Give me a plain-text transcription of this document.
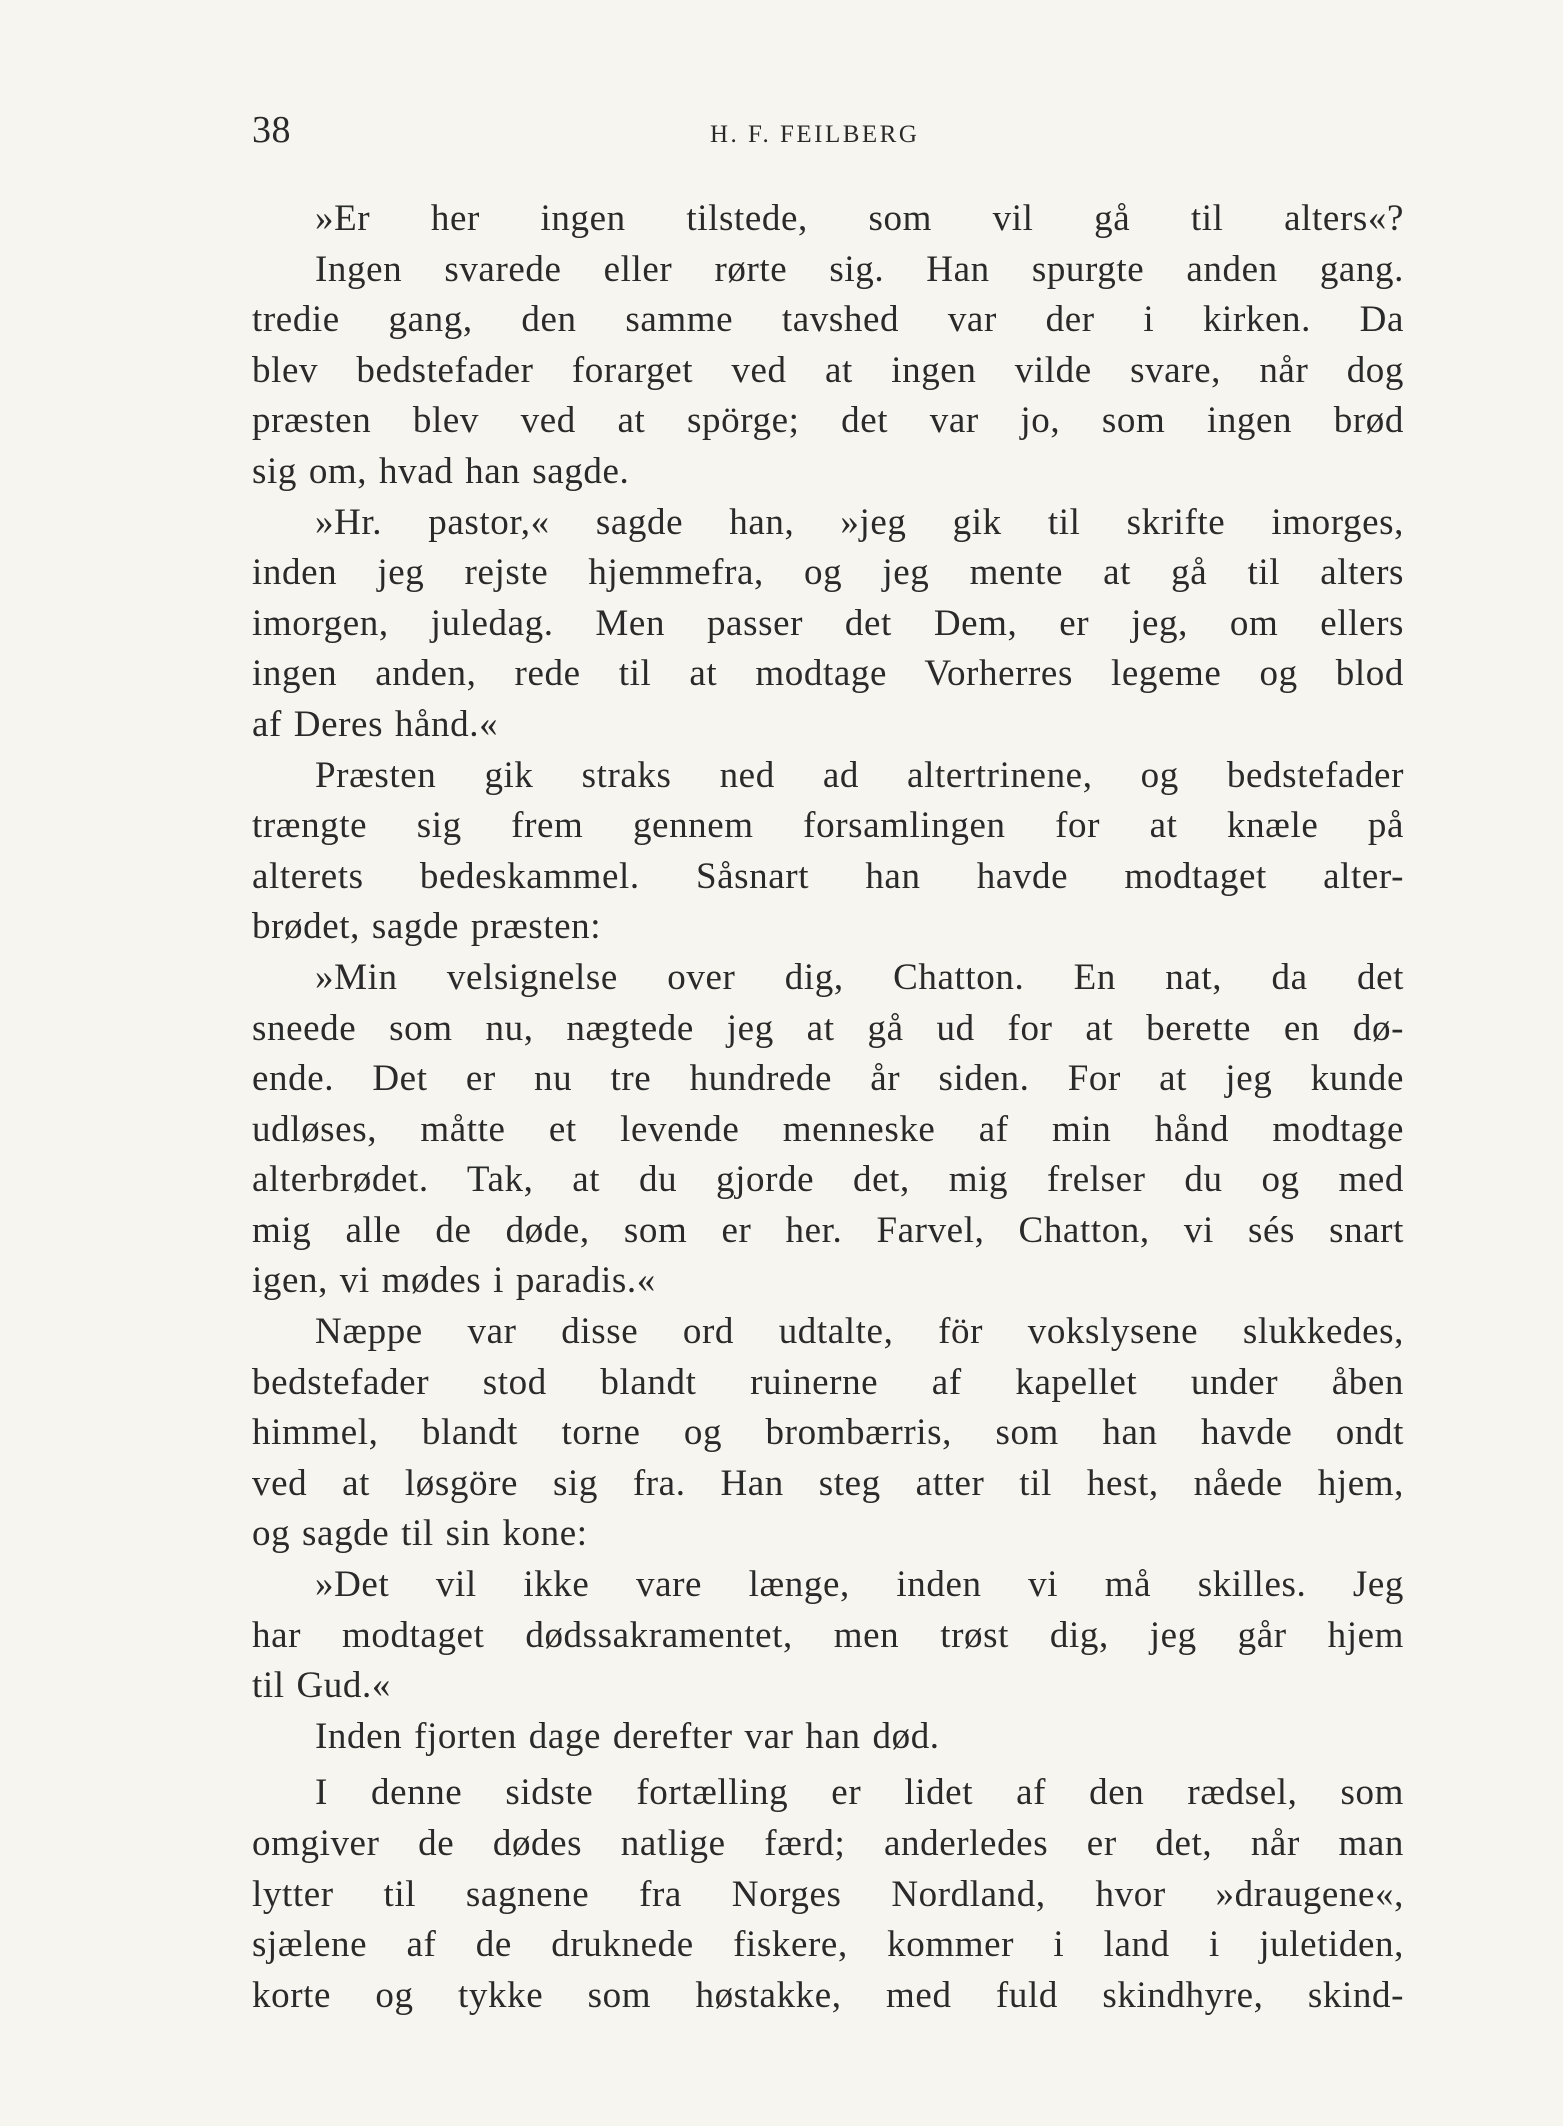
38	H. F. FEILBERG
»Er her ingen tilstede, som vil gå til alters«?
Ingen svarede eller rørte sig. Han spurgte anden gang.
tredie gang, den samme tavshed var der i kirken. Da
blev bedstefader forarget ved at ingen vilde svare, når dog
præsten blev ved at spörge; det var jo, som ingen brød
sig om, hvad han sagde.
»Hr. pastor,« sagde han, »jeg gik til skrifte imorges,
inden jeg rejste hjemmefra, og jeg mente at gå til alters
imorgen, juledag. Men passer det Dem, er jeg, om ellers
ingen anden, rede til at modtage Vorherres legeme og blod
af Deres hånd.«
Præsten gik straks ned ad altertrinene, og bedstefader
trængte sig frem gennem forsamlingen for at knæle på
alterets bedeskammel. Såsnart han havde modtaget alter-
brødet, sagde præsten:
»Min velsignelse over dig, Chatton. En nat, da det
sneede som nu, nægtede jeg at gå ud for at berette en dø-
ende. Det er nu tre hundrede år siden. For at jeg kunde
udløses, måtte et levende menneske af min hånd modtage
alterbrødet. Tak, at du gjorde det, mig frelser du og med
mig alle de døde, som er her. Farvel, Chatton, vi sés snart
igen, vi mødes i paradis.«
Næppe var disse ord udtalte, för vokslysene slukkedes,
bedstefader stod blandt ruinerne af kapellet under åben
himmel, blandt torne og brombærris, som han havde ondt
ved at løsgöre sig fra. Han steg atter til hest, nåede hjem,
og sagde til sin kone:
»Det vil ikke vare længe, inden vi må skilles. Jeg
har modtaget dødssakramentet, men trøst dig, jeg går hjem
til Gud.«
Inden fjorten dage derefter var han død.
I denne sidste fortælling er lidet af den rædsel, som
omgiver de dødes natlige færd; anderledes er det, når man
lytter til sagnene fra Norges Nordland, hvor »draugene«,
sjælene af de druknede fiskere, kommer i land i juletiden,
korte og tykke som høstakke, med fuld skindhyre, skind-
